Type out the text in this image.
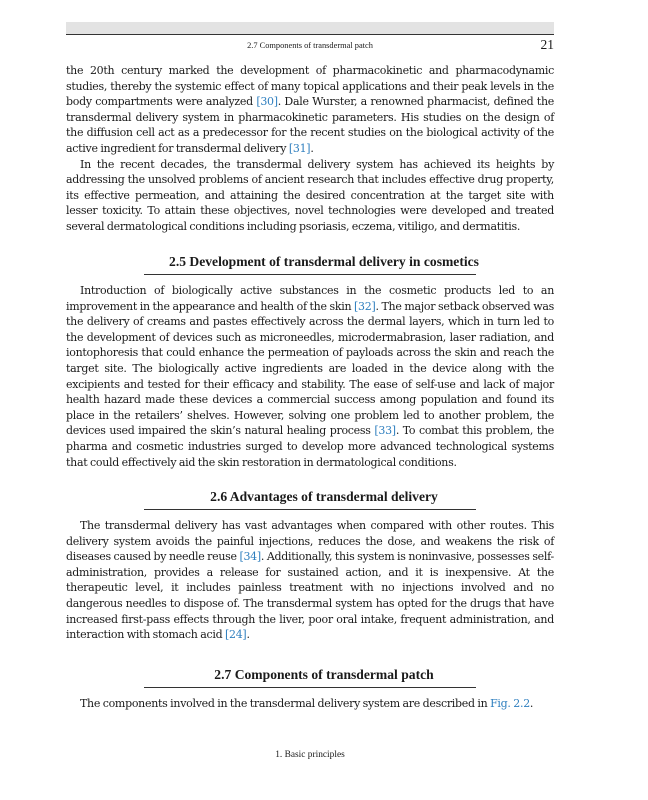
2.7 Components of transdermal patch	21

the 20th century marked the development of pharmacokinetic and pharmacodynamic studies, thereby the systemic effect of many topical applications and their peak levels in the body compartments were analyzed [30]. Dale Wurster, a renowned pharmacist, defined the transdermal delivery system in pharmacokinetic parameters. His studies on the design of the diffusion cell act as a predecessor for the recent studies on the biological activity of the active ingredient for transdermal delivery [31].

In the recent decades, the transdermal delivery system has achieved its heights by addressing the unsolved problems of ancient research that includes effective drug property, its effective permeation, and attaining the desired concentration at the target site with lesser toxicity. To attain these objectives, novel technologies were developed and treated several dermatological conditions including psoriasis, eczema, vitiligo, and dermatitis.

2.5 Development of transdermal delivery in cosmetics

Introduction of biologically active substances in the cosmetic products led to an improvement in the appearance and health of the skin [32]. The major setback observed was the delivery of creams and pastes effectively across the dermal layers, which in turn led to the development of devices such as microneedles, microdermabrasion, laser radiation, and iontophoresis that could enhance the permeation of payloads across the skin and reach the target site. The biologically active ingredients are loaded in the device along with the excipients and tested for their efficacy and stability. The ease of self-use and lack of major health hazard made these devices a commercial success among population and found its place in the retailers’ shelves. However, solving one problem led to another problem, the devices used impaired the skin’s natural healing process [33]. To combat this problem, the pharma and cosmetic industries surged to develop more advanced technological systems that could effectively aid the skin restoration in dermatological conditions.

2.6 Advantages of transdermal delivery

The transdermal delivery has vast advantages when compared with other routes. This delivery system avoids the painful injections, reduces the dose, and weakens the risk of diseases caused by needle reuse [34]. Additionally, this system is noninvasive, possesses self-administration, provides a release for sustained action, and it is inexpensive. At the therapeutic level, it includes painless treatment with no injections involved and no dangerous needles to dispose of. The transdermal system has opted for the drugs that have increased first-pass effects through the liver, poor oral intake, frequent administration, and interaction with stomach acid [24].

2.7 Components of transdermal patch

The components involved in the transdermal delivery system are described in Fig. 2.2.

1. Basic principles
